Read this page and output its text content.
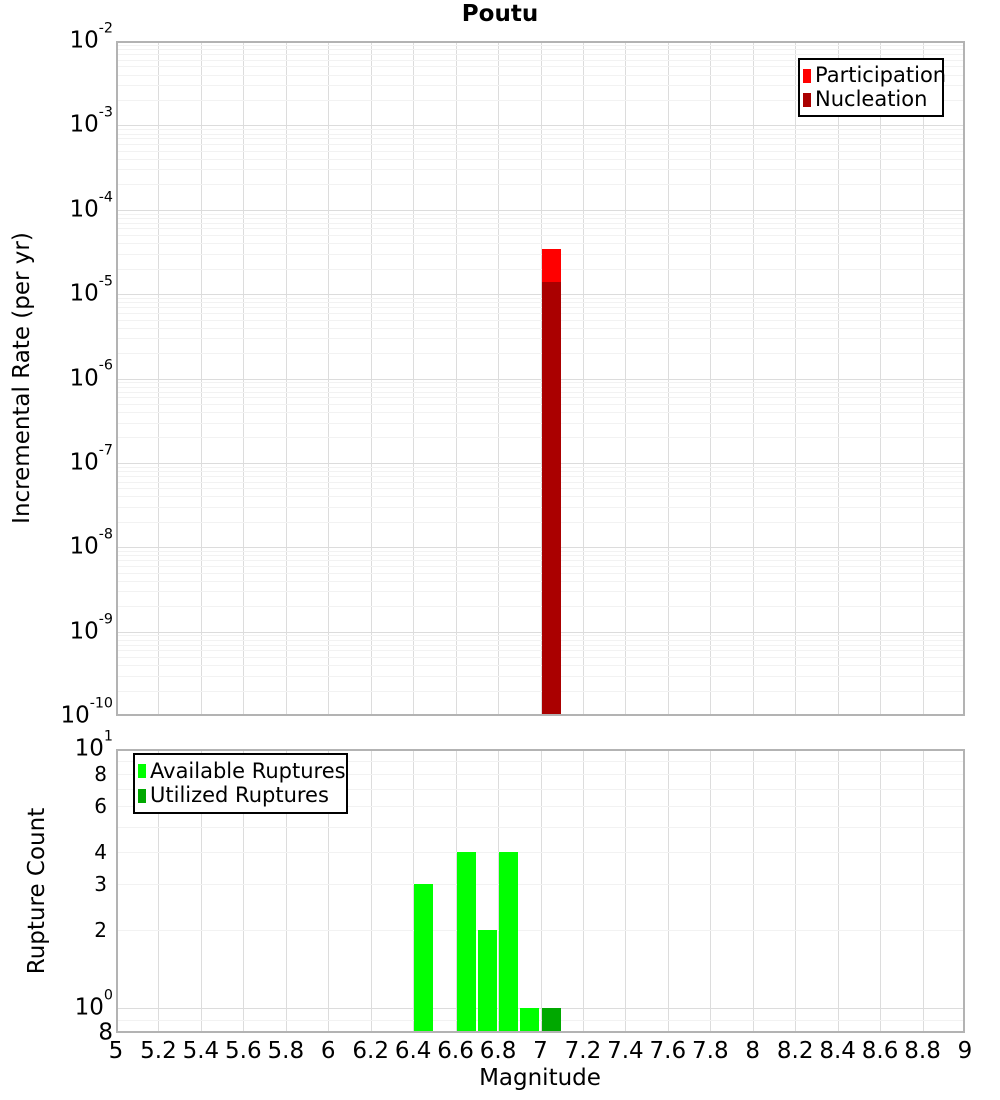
Poutu
Incremental Rate (per yr)
Rupture Count
Magnitude
$10^{-2}$
$10^{-3}$
$10^{-4}$
$10^{-5}$
$10^{-6}$
$10^{-7}$
$10^{-8}$
$10^{-9}$
$10^{-10}$
$10^1$
8
6
4
3
2
$10^0$
8
5 5.2 5.4 5.6 5.8 6 6.2 6.4 6.6 6.8 7 7.2 7.4 7.6 7.8 8 8.2 8.4 8.6 8.8 9
Participation
Nucleation
Available Ruptures
Utilized Ruptures
